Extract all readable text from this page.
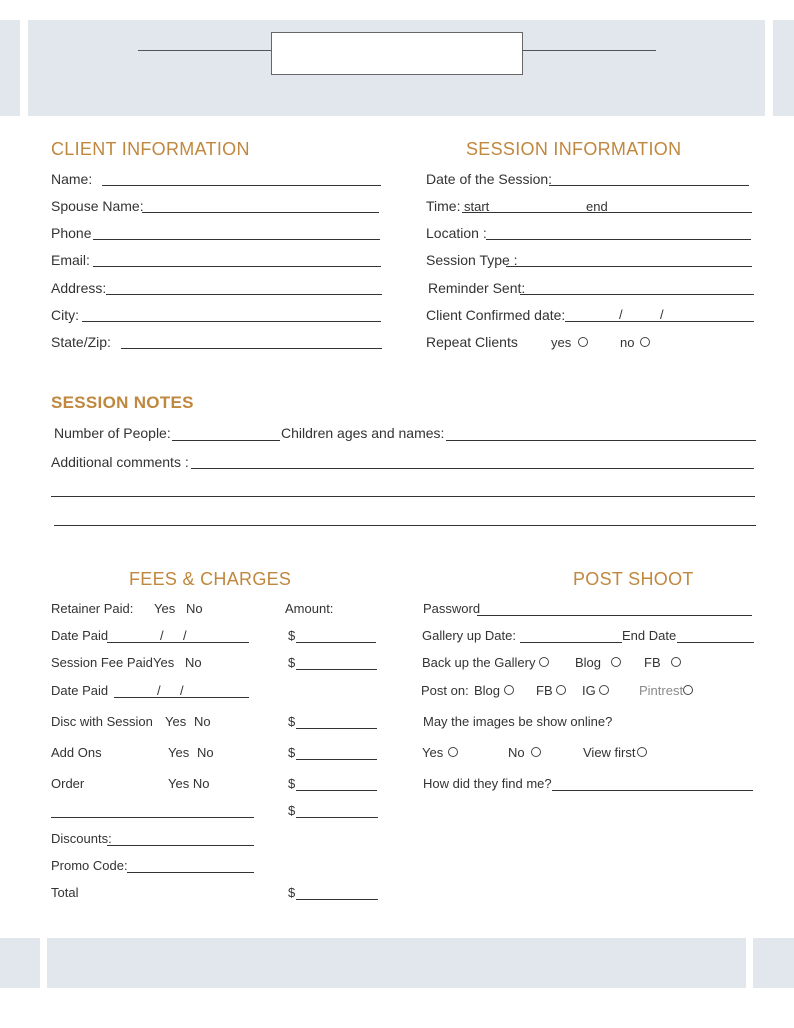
CLIENT INFORMATION	SESSION INFORMATION
Name:
Spouse Name:
Phone
Email:
Address:
City:
State/Zip:
Date of the Session:
Time: start	end
Location :
Session Type :
Reminder Sent:
Client Confirmed date:	/	/
Repeat Clients	yes	no
SESSION NOTES
Number of People:	Children ages and names:
Additional comments :
FEES & CHARGES	POST SHOOT
Retainer Paid: Yes No	Amount:
Date Paid	/ /	$
Session Fee Paid Yes No	$
Date Paid	/ /
Disc with Session Yes No	$
Add Ons	Yes No	$
Order	Yes No	$
$
Discounts:
Promo Code:
Total	$
Password
Gallery up Date:	End Date
Back up the Gallery	Blog	FB
Post on: Blog	FB IG	Pintrest
May the images be show online?
Yes	No	View first
How did they find me?
